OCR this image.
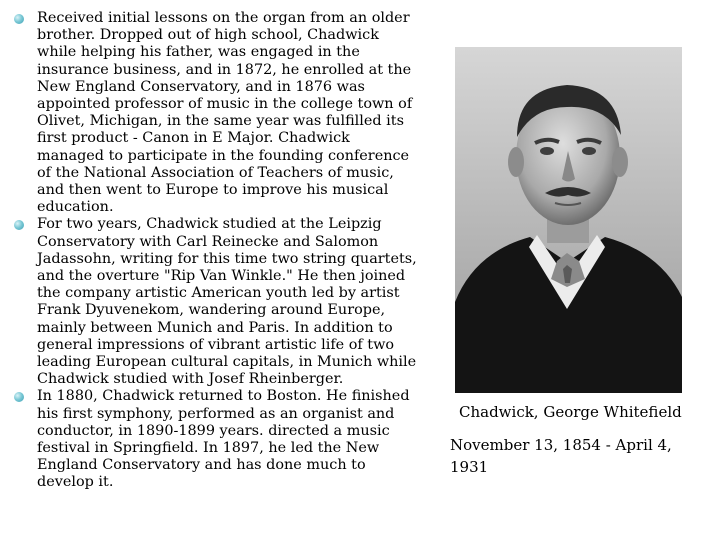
Received initial lessons on the organ from an older brother. Dropped out of high school, Chadwick while helping his father, was engaged in the insurance business, and in 1872, he enrolled at the New England Conservatory, and in 1876 was appointed professor of music in the college town of Olivet, Michigan, in the same year was fulfilled its first product - Canon in E Major. Chadwick managed to participate in the founding conference of the National Association of Teachers of music, and then went to Europe to improve his musical education.
For two years, Chadwick studied at the Leipzig Conservatory with Carl Reinecke and Salomon Jadassohn, writing for this time two string quartets, and the overture "Rip Van Winkle." He then joined the company artistic American youth led by artist Frank Dyuvenekom, wandering around Europe, mainly between Munich and Paris. In addition to general impressions of vibrant artistic life of two leading European cultural capitals, in Munich while Chadwick studied with Josef Rheinberger.
In 1880, Chadwick returned to Boston. He finished his first symphony, performed as an organist and conductor, in 1890-1899 years. directed a music festival in Springfield. In 1897, he led the New England Conservatory and has done much to develop it.
Chadwick, George Whitefield
November 13, 1854 - April 4, 1931
